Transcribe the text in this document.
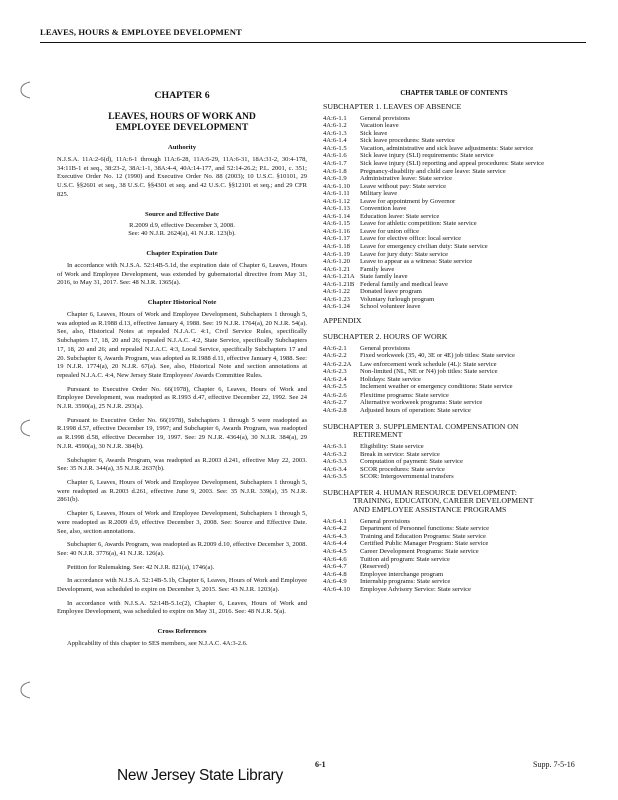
LEAVES, HOURS & EMPLOYEE DEVELOPMENT
CHAPTER 6
LEAVES, HOURS OF WORK AND
EMPLOYEE DEVELOPMENT
Authority
N.J.S.A. 11A:2-6(d), 11A:6-1 through 11A:6-28, 11A:6-29, 11A:6-31, 18A:31-2, 30:4-178, 34:11B-1 et seq., 38:23-2, 38A:1-1, 38A:4-4, 40A:14-177, and 52:14-26.2; P.L. 2001, c. 351; Executive Order No. 12 (1990) and Executive Order No. 88 (2003); 10 U.S.C. §10101, 29 U.S.C. §§2601 et seq., 38 U.S.C. §§4301 et seq. and 42 U.S.C. §§12101 et seq.; and 29 CFR 825.
Source and Effective Date
R.2009 d.9, effective December 3, 2008.
See: 40 N.J.R. 2624(a), 41 N.J.R. 123(b).
Chapter Expiration Date
In accordance with N.J.S.A. 52:14B-5.1d, the expiration date of Chapter 6, Leaves, Hours of Work and Employee Development, was extended by gubernatorial directive from May 31, 2016, to May 31, 2017. See: 48 N.J.R. 1365(a).
Chapter Historical Note
Chapter 6, Leaves, Hours of Work and Employee Development, Subchapters 1 through 5, was adopted as R.1988 d.13, effective January 4, 1988. See: 19 N.J.R. 1764(a), 20 N.J.R. 54(a). See, also, Historical Notes at repealed N.J.A.C. 4:1, Civil Service Rules, specifically Subchapters 17, 18, 20 and 26; repealed N.J.A.C. 4:2, State Service, specifically Subchapters 17, 18, 20 and 26; and repealed N.J.A.C. 4:3, Local Service, specifically Subchapters 17 and 20. Subchapter 6, Awards Program, was adopted as R.1988 d.11, effective January 4, 1988. See: 19 N.J.R. 1774(a), 20 N.J.R. 67(a). See, also, Historical Note and section annotations at repealed N.J.A.C. 4:4, New Jersey State Employees' Awards Committee Rules.
Pursuant to Executive Order No. 66(1978), Chapter 6, Leaves, Hours of Work and Employee Development, was readopted as R.1993 d.47, effective December 22, 1992. See 24 N.J.R. 3590(a), 25 N.J.R. 293(a).
Pursuant to Executive Order No. 66(1978), Subchapters 1 through 5 were readopted as R.1998 d.57, effective December 19, 1997; and Subchapter 6, Awards Program, was readopted as R.1998 d.58, effective December 19, 1997. See: 29 N.J.R. 4364(a), 30 N.J.R. 384(a), 29 N.J.R. 4590(a), 30 N.J.R. 384(b).
Subchapter 6, Awards Program, was readopted as R.2003 d.241, effective May 22, 2003. See: 35 N.J.R. 344(a), 35 N.J.R. 2637(b).
Chapter 6, Leaves, Hours of Work and Employee Development, Subchapters 1 through 5, were readopted as R.2003 d.261, effective June 9, 2003. See: 35 N.J.R. 339(a), 35 N.J.R. 2861(b).
Chapter 6, Leaves, Hours of Work and Employee Development, Subchapters 1 through 5, were readopted as R.2009 d.9, effective December 3, 2008. See: Source and Effective Date. See, also, section annotations.
Subchapter 6, Awards Program, was readopted as R.2009 d.10, effective December 3, 2008. See: 40 N.J.R. 3776(a), 41 N.J.R. 126(a).
Petition for Rulemaking. See: 42 N.J.R. 821(a), 1746(a).
In accordance with N.J.S.A. 52:14B-5.1b, Chapter 6, Leaves, Hours of Work and Employee Development, was scheduled to expire on December 3, 2015. See: 43 N.J.R. 1203(a).
In accordance with N.J.S.A. 52:14B-5.1c(2), Chapter 6, Leaves, Hours of Work and Employee Development, was scheduled to expire on May 31, 2016. See: 48 N.J.R. 5(a).
Cross References
Applicability of this chapter to SES members, see N.J.A.C. 4A:3-2.6.
CHAPTER TABLE OF CONTENTS
SUBCHAPTER 1. LEAVES OF ABSENCE
4A:6-1.1	General provisions
4A:6-1.2	Vacation leave
4A:6-1.3	Sick leave
4A:6-1.4	Sick leave procedures: State service
4A:6-1.5	Vacation, administrative and sick leave adjustments: State service
4A:6-1.6	Sick leave injury (SLI) requirements: State service
4A:6-1.7	Sick leave injury (SLI) reporting and appeal procedures: State service
4A:6-1.8	Pregnancy-disability and child care leave: State service
4A:6-1.9	Administrative leave: State service
4A:6-1.10	Leave without pay: State service
4A:6-1.11	Military leave
4A:6-1.12	Leave for appointment by Governor
4A:6-1.13	Convention leave
4A:6-1.14	Education leave: State service
4A:6-1.15	Leave for athletic competition: State service
4A:6-1.16	Leave for union office
4A:6-1.17	Leave for elective office: local service
4A:6-1.18	Leave for emergency civilian duty: State service
4A:6-1.19	Leave for jury duty: State service
4A:6-1.20	Leave to appear as a witness: State service
4A:6-1.21	Family leave
4A:6-1.21A State family leave
4A:6-1.21B Federal family and medical leave
4A:6-1.22	Donated leave program
4A:6-1.23	Voluntary furlough program
4A:6-1.24	School volunteer leave
APPENDIX
SUBCHAPTER 2. HOURS OF WORK
4A:6-2.1	General provisions
4A:6-2.2	Fixed workweek (35, 40, 3E or 4E) job titles: State service
4A:6-2.2A	Law enforcement work schedule (4L): State service
4A:6-2.3	Non-limited (NL, NE or N4) job titles: State service
4A:6-2.4	Holidays: State service
4A:6-2.5	Inclement weather or emergency conditions: State service
4A:6-2.6	Flexitime programs: State service
4A:6-2.7	Alternative workweek programs: State service
4A:6-2.8	Adjusted hours of operation: State service
SUBCHAPTER 3. SUPPLEMENTAL COMPENSATION ON
RETIREMENT
4A:6-3.1	Eligibility: State service
4A:6-3.2	Break in service: State service
4A:6-3.3	Computation of payment: State service
4A:6-3.4	SCOR procedures: State service
4A:6-3.5	SCOR: Intergovernmental transfers
SUBCHAPTER 4. HUMAN RESOURCE DEVELOPMENT:
TRAINING, EDUCATION, CAREER DEVELOPMENT
AND EMPLOYEE ASSISTANCE PROGRAMS
4A:6-4.1	General provisions
4A:6-4.2	Department of Personnel functions: State service
4A:6-4.3	Training and Education Programs: State service
4A:6-4.4	Certified Public Manager Program: State service
4A:6-4.5	Career Development Programs: State service
4A:6-4.6	Tuition aid program: State service
4A:6-4.7	(Reserved)
4A:6-4.8	Employee interchange program
4A:6-4.9	Internship programs: State service
4A:6-4.10	Employee Advisory Service: State service
New Jersey State Library
6-1	Supp. 7-5-16
